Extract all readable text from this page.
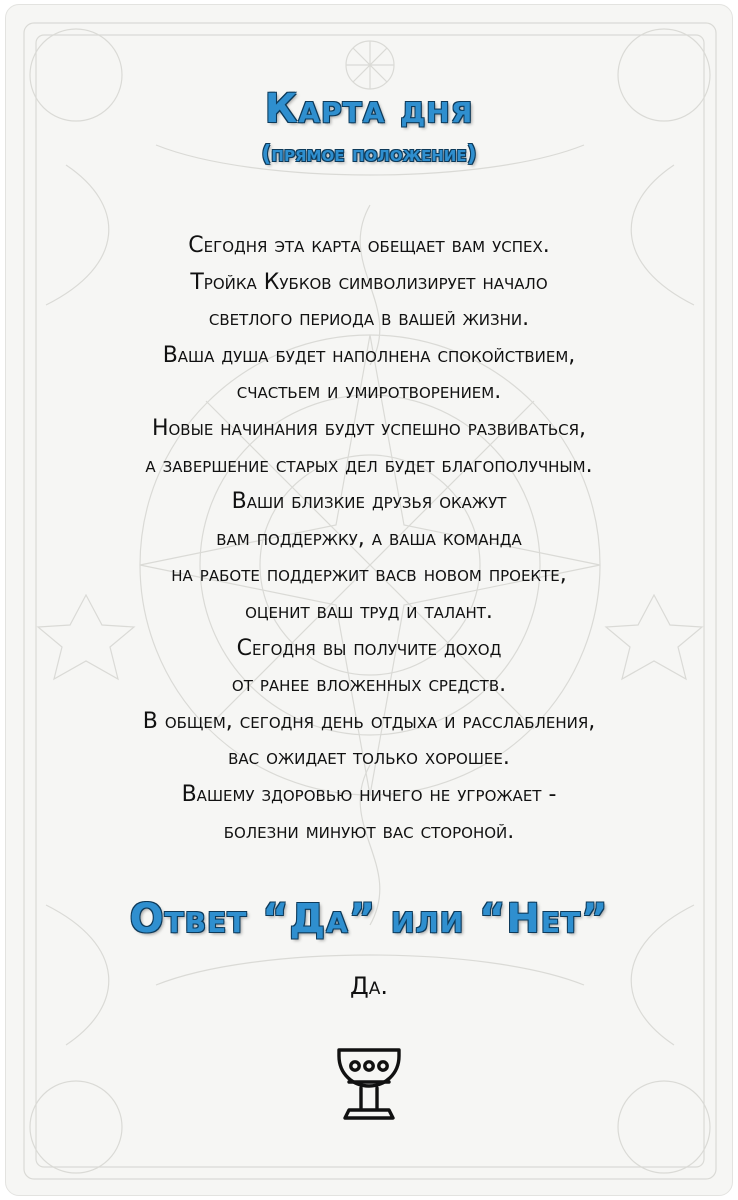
Карта дня
(прямое положение)
Сегодня эта карта обещает вам успех.
Тройка Кубков символизирует начало
светлого периода в вашей жизни.
Ваша душа будет наполнена спокойствием,
счастьем и умиротворением.
Новые начинания будут успешно развиваться,
а завершение старых дел будет благополучным.
Ваши близкие друзья окажут
вам поддержку, а ваша команда
на работе поддержит васв новом проекте,
оценит ваш труд и талант.
Сегодня вы получите доход
от ранее вложенных средств.
В общем, сегодня день отдыха и расслабления,
вас ожидает только хорошее.
Вашему здоровью ничего не угрожает -
болезни минуют вас стороной.
Ответ “Да” или “Нет”
Да.
